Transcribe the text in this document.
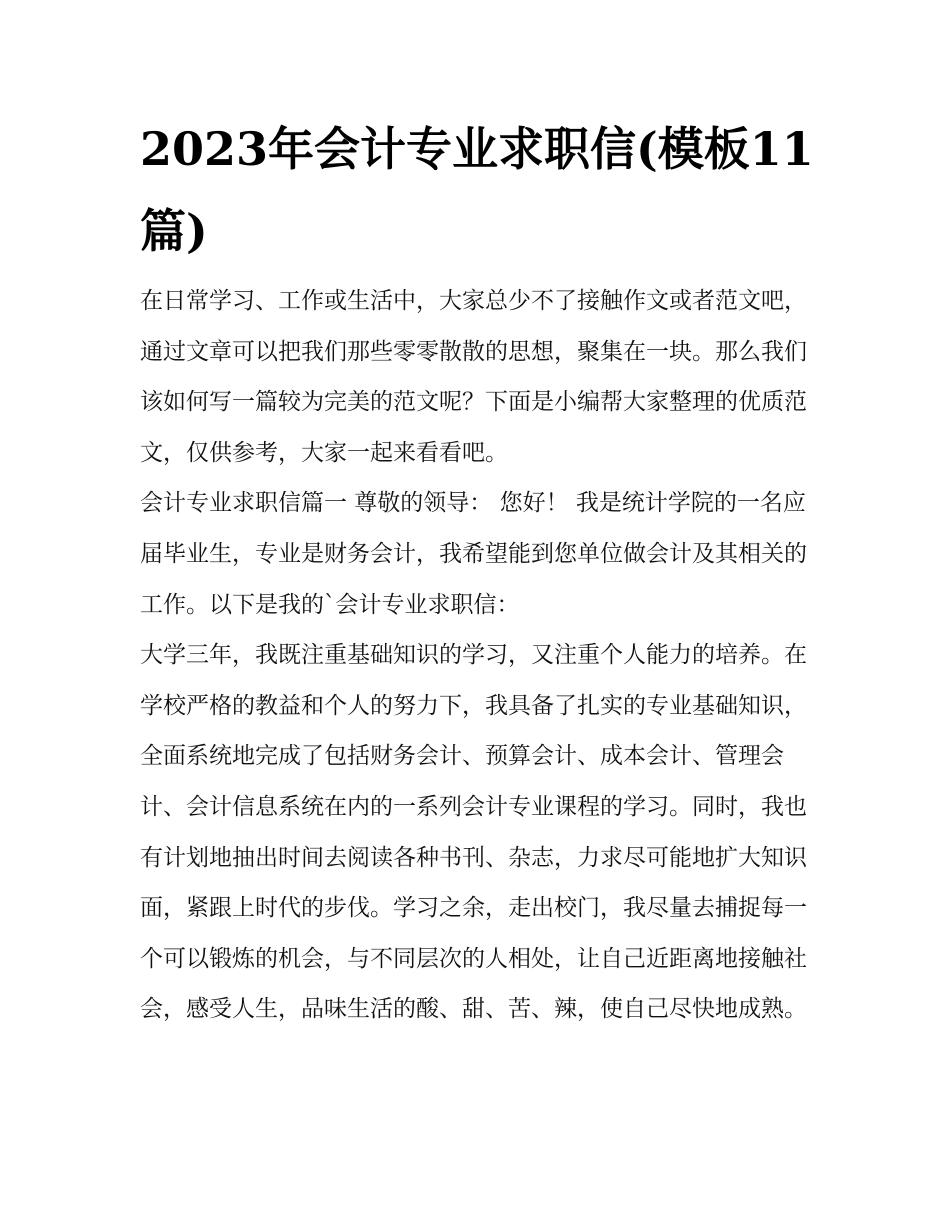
2023年会计专业求职信(模板11篇)

在日常学习、工作或生活中，大家总少不了接触作文或者范文吧，通过文章可以把我们那些零零散散的思想，聚集在一块。那么我们该如何写一篇较为完美的范文呢？下面是小编帮大家整理的优质范文，仅供参考，大家一起来看看吧。

会计专业求职信篇一 尊敬的领导： 您好！ 我是统计学院的一名应届毕业生，专业是财务会计，我希望能到您单位做会计及其相关的工作。以下是我的`会计专业求职信：

大学三年，我既注重基础知识的学习，又注重个人能力的培养。在学校严格的教益和个人的努力下，我具备了扎实的专业基础知识，全面系统地完成了包括财务会计、预算会计、成本会计、管理会计、会计信息系统在内的一系列会计专业课程的学习。同时，我也有计划地抽出时间去阅读各种书刊、杂志，力求尽可能地扩大知识面，紧跟上时代的步伐。学习之余，走出校门，我尽量去捕捉每一个可以锻炼的机会，与不同层次的人相处，让自己近距离地接触社会，感受人生，品味生活的酸、甜、苦、辣，使自己尽快地成熟。
